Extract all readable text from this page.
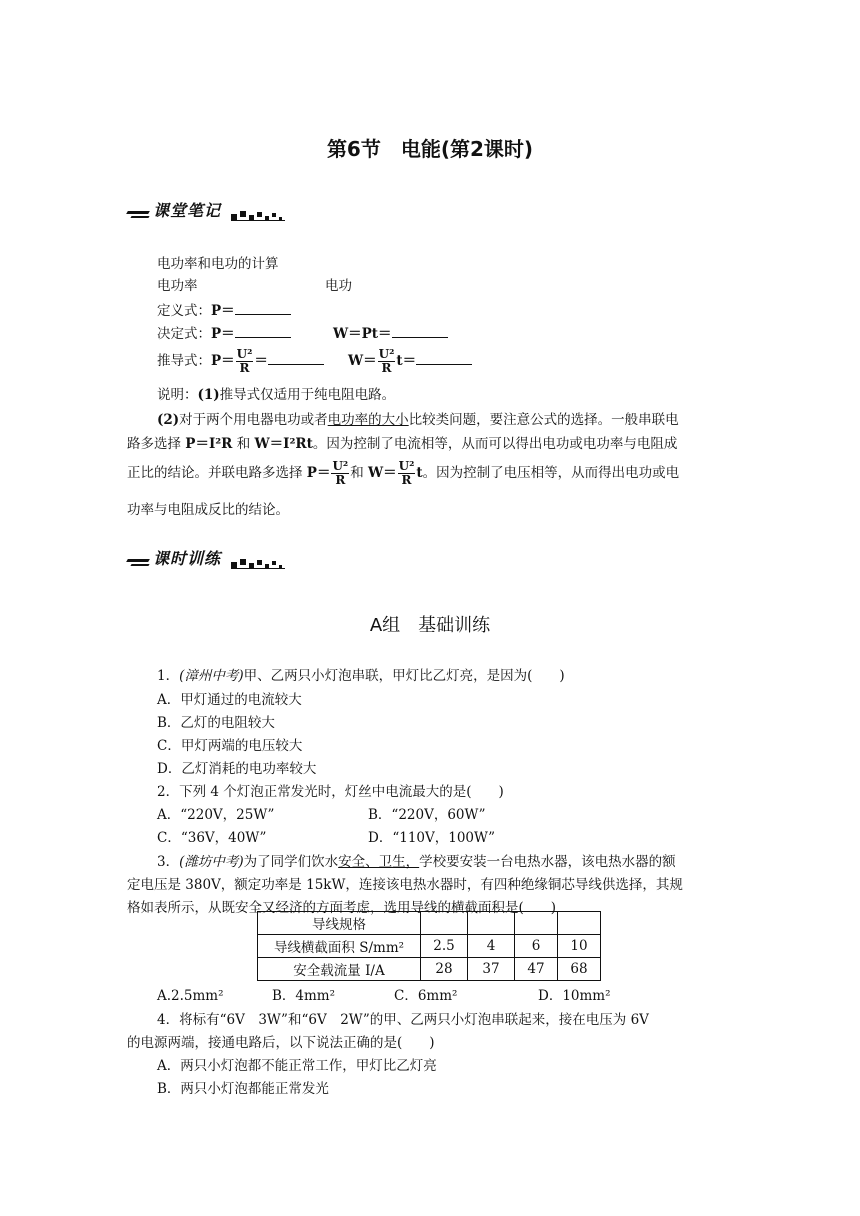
第6节　电能(第2课时)
课堂笔记
电功率和电功的计算
电功率	电功
定义式：P＝
决定式：P＝	W＝Pt＝
推导式：$P= \frac{\text{U²}}{R}$ ＝	$W= \frac{\text{U²}}{R} t=$
说明：(1)推导式仅适用于纯电阻电路。
(2)对于两个用电器电功或者电功率的大小比较类问题，要注意公式的选择。一般串联电
路多选择 P＝I²R 和 W＝I²Rt。因为控制了电流相等，从而可以得出电功或电功率与电阻成
正比的结论。并联电路多选择 $P= \frac{\text{U²}}{R}$ 和 $W= \frac{\text{U²}}{R}$ t。因为控制了电压相等，从而得出电功或电
功率与电阻成反比的结论。
课时训练
A组　基础训练
1．(漳州中考)甲、乙两只小灯泡串联，甲灯比乙灯亮，是因为(　　)
A．甲灯通过的电流较大
B．乙灯的电阻较大
C．甲灯两端的电压较大
D．乙灯消耗的电功率较大
2．下列 4 个灯泡正常发光时，灯丝中电流最大的是(　　)
A．“220V，25W”	B．“220V，60W”
C．“36V，40W”	D．“110V，100W”
3．(潍坊中考)为了同学们饮水安全、卫生，学校要安装一台电热水器，该电热水器的额
定电压是 380V，额定功率是 15kW，连接该电热水器时，有四种绝缘铜芯导线供选择，其规
格如表所示，从既安全又经济的方面考虑，选用导线的横截面积是(　　)
导线规格				
导线横截面积 S/mm²	2.5	4	6	10
安全载流量 I/A	28	37	47	68
A.2.5mm²	B．4mm²	C．6mm²	D．10mm²
4．将标有“6V　3W”和“6V　2W”的甲、乙两只小灯泡串联起来，接在电压为 6V
的电源两端，接通电路后，以下说法正确的是(　　)
A．两只小灯泡都不能正常工作，甲灯比乙灯亮
B．两只小灯泡都能正常发光
